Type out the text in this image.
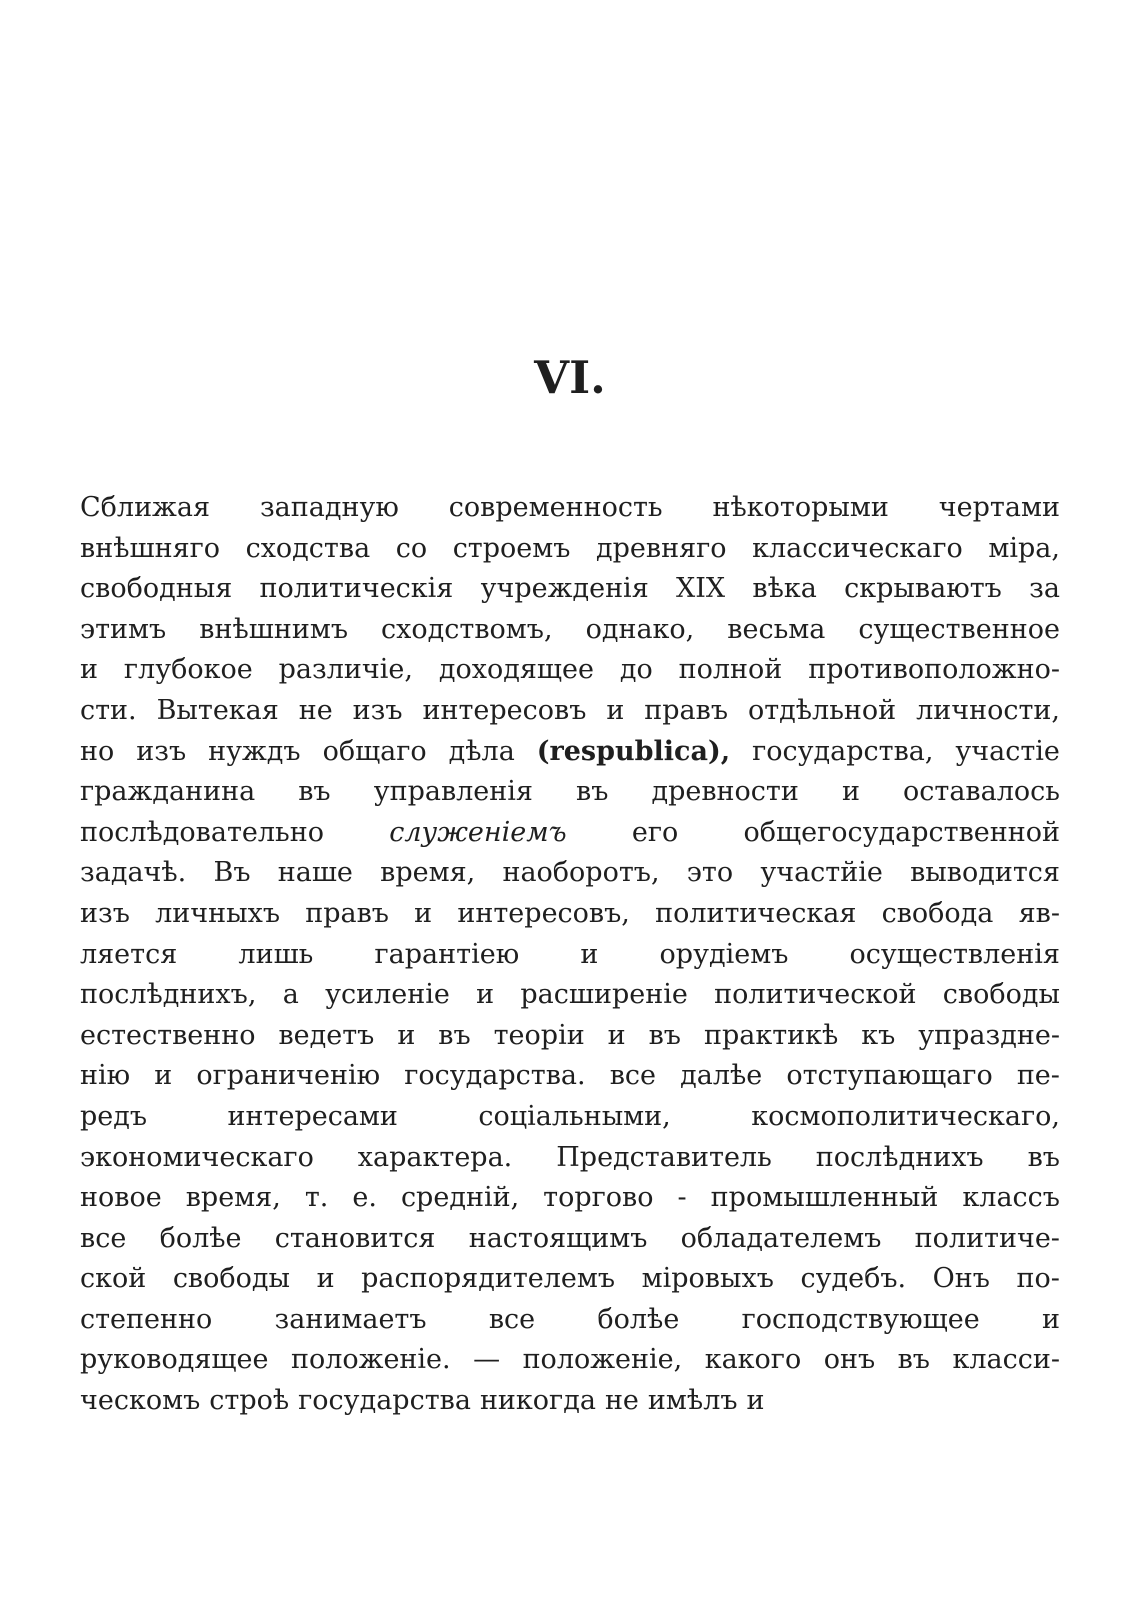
VI.
Сближая западную современность нѣкоторыми чертами
внѣшняго сходства со строемъ древняго классическаго міра,
свободныя политическія учрежденія XIX вѣка скрываютъ за
этимъ внѣшнимъ сходствомъ, однако, весьма существенное
и глубокое различіе, доходящее до полной противоположно-
сти. Вытекая не изъ интересовъ и правъ отдѣльной личности,
но изъ нуждъ общаго дѣла (respublica), государства, участіе
гражданина въ управленія въ древности и оставалось
послѣдовательно служеніемъ его общегосударственной
задачѣ. Въ наше время, наоборотъ, это участйіе выводится
изъ личныхъ правъ и интересовъ, политическая свобода яв-
ляется лишь гарантіею и орудіемъ осуществленія
послѣднихъ, а усиленіе и расширеніе политической свободы
естественно ведетъ и въ теоріи и въ практикѣ къ упраздне-
нію и ограниченію государства. все далѣе отступающаго пе-
редъ	интересами	соціальными,	космополитическаго,
экономическаго характера. Представитель послѣднихъ въ
новое время, т. е. средній, торгово - промышленный классъ
все болѣе становится настоящимъ обладателемъ политиче-
ской свободы и распорядителемъ міровыхъ судебъ. Онъ по-
степенно занимаетъ все болѣе господствующее и
руководящее положеніе. — положеніе, какого онъ въ класси-
ческомъ строѣ государства никогда не имѣлъ и
